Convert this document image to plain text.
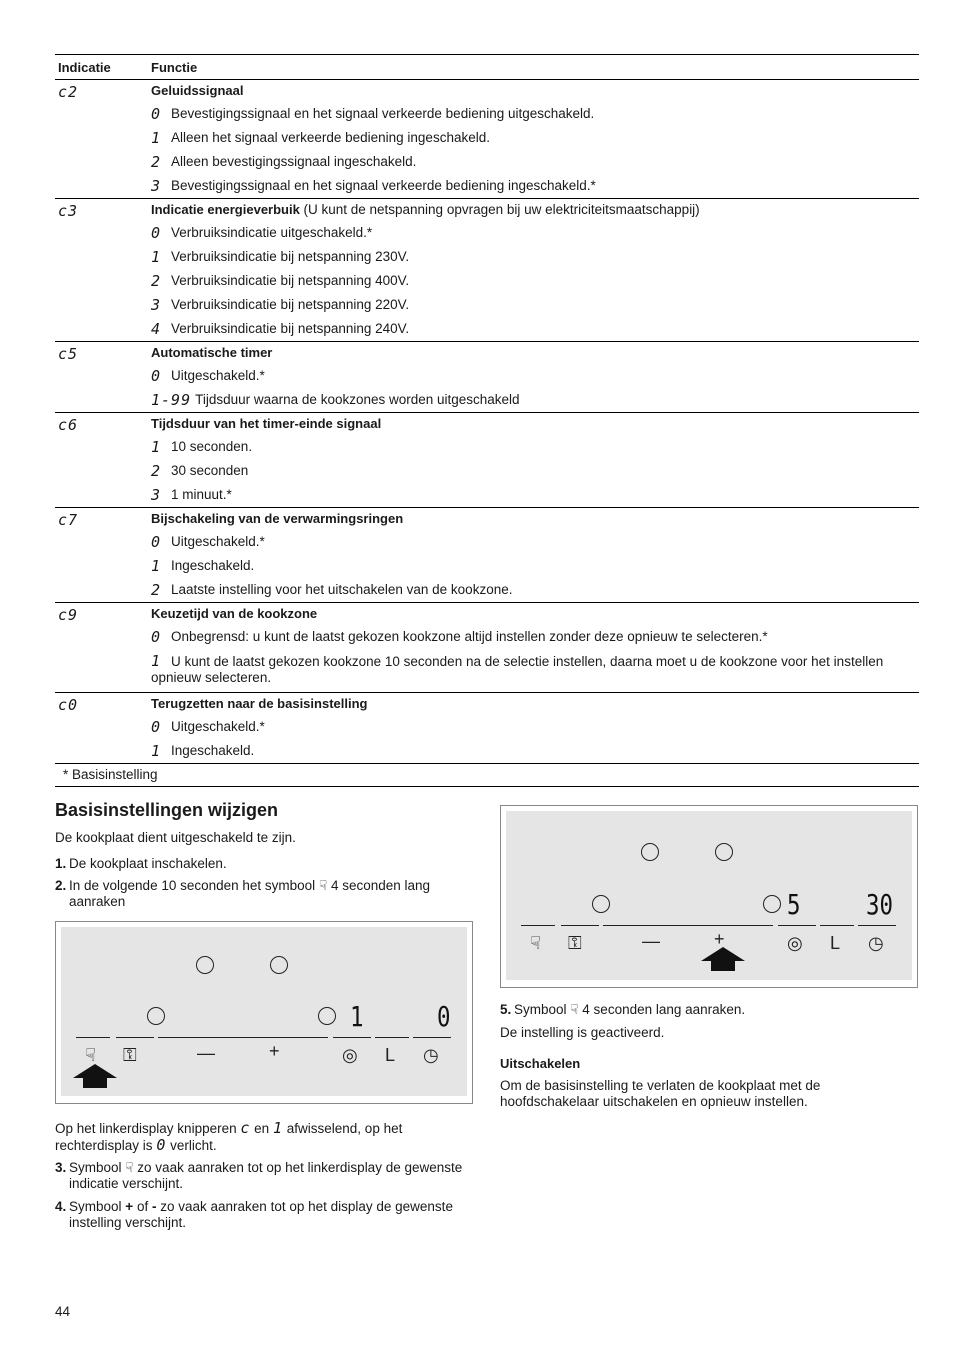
Indicatie	Functie
c2	Geluidssignaal
0 Bevestigingssignaal en het signaal verkeerde bediening uitgeschakeld.
1 Alleen het signaal verkeerde bediening ingeschakeld.
2 Alleen bevestigingssignaal ingeschakeld.
3 Bevestigingssignaal en het signaal verkeerde bediening ingeschakeld.*
c3	Indicatie energieverbuik (U kunt de netspanning opvragen bij uw elektriciteitsmaatschappij)
0 Verbruiksindicatie uitgeschakeld.*
1 Verbruiksindicatie bij netspanning 230V.
2 Verbruiksindicatie bij netspanning 400V.
3 Verbruiksindicatie bij netspanning 220V.
4 Verbruiksindicatie bij netspanning 240V.
c5	Automatische timer
0 Uitgeschakeld.*
1-99 Tijdsduur waarna de kookzones worden uitgeschakeld
c6	Tijdsduur van het timer-einde signaal
1 10 seconden.
2 30 seconden
3 1 minuut.*
c7	Bijschakeling van de verwarmingsringen
0 Uitgeschakeld.*
1 Ingeschakeld.
2 Laatste instelling voor het uitschakelen van de kookzone.
c9	Keuzetijd van de kookzone
0 Onbegrensd: u kunt de laatst gekozen kookzone altijd instellen zonder deze opnieuw te selecteren.*
1 U kunt de laatst gekozen kookzone 10 seconden na de selectie instellen, daarna moet u de kookzone voor het instellen opnieuw selecteren.
c0	Terugzetten naar de basisinstelling
0 Uitgeschakeld.*
1 Ingeschakeld.
* Basisinstelling
Basisinstellingen wijzigen
De kookplaat dient uitgeschakeld te zijn.
1. De kookplaat inschakelen.
2. In de volgende 10 seconden het symbool ☟ 4 seconden lang aanraken
1	0
☟ ⚿	—	+	◎ L ◷
Op het linkerdisplay knipperen c en 1 afwisselend, op het rechterdisplay is 0 verlicht.
3. Symbool ☟ zo vaak aanraken tot op het linkerdisplay de gewenste indicatie verschijnt.
4. Symbool + of - zo vaak aanraken tot op het display de gewenste instelling verschijnt.
5 30
☟ ⚿	—	+	◎ L ◷
5. Symbool ☟ 4 seconden lang aanraken.
De instelling is geactiveerd.
Uitschakelen
Om de basisinstelling te verlaten de kookplaat met de hoofdschakelaar uitschakelen en opnieuw instellen.
44
